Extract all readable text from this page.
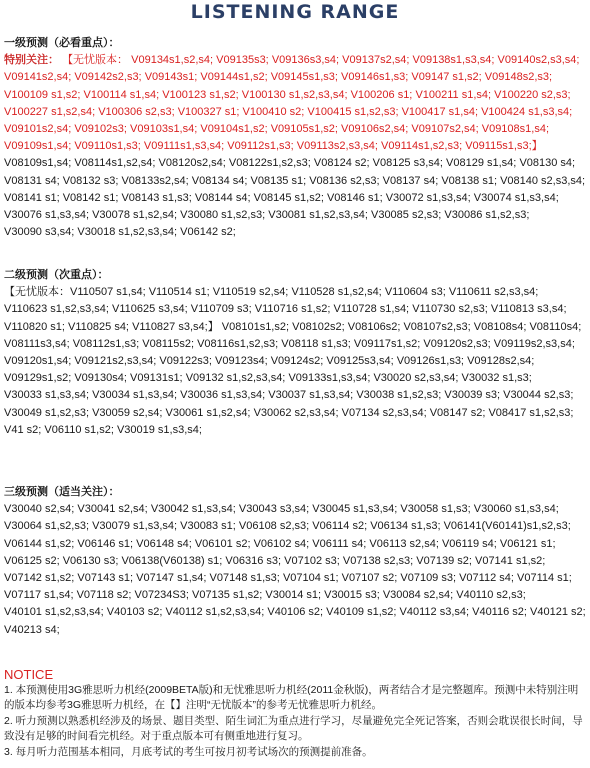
LISTENING RANGE
一级预测（必看重点）：
特别关注： 【无忧版本： V09134s1,s2,s4; V09135s3; V09136s3,s4; V09137s2,s4; V09138s1,s3,s4; V09140s2,s3,s4; V09141s2,s4; V09142s2,s3; V09143s1; V09144s1,s2; V09145s1,s3; V09146s1,s3; V09147 s1,s2; V09148s2,s3; V100109 s1,s2; V100114 s1,s4; V100123 s1,s2; V100130 s1,s2,s3,s4; V100206 s1; V100211 s1,s4; V100220 s2,s3; V100227 s1,s2,s4; V100306 s2,s3; V100327 s1; V100410 s2; V100415 s1,s2,s3; V100417 s1,s4; V100424 s1,s3,s4; V09101s2,s4; V09102s3; V09103s1,s4; V09104s1,s2; V09105s1,s2; V09106s2,s4; V09107s2,s4; V09108s1,s4; V09109s1,s4; V09110s1,s3; V09111s1,s3,s4; V09112s1,s3; V09113s2,s3,s4; V09114s1,s2,s3; V09115s1,s3;】 V08109s1,s4; V08114s1,s2,s4; V08120s2,s4; V08122s1,s2,s3; V08124 s2; V08125 s3,s4; V08129 s1,s4; V08130 s4; V08131 s4; V08132 s3; V08133s2,s4; V08134 s4; V08135 s1; V08136 s2,s3; V08137 s4; V08138 s1; V08140 s2,s3,s4; V08141 s1; V08142 s1; V08143 s1,s3; V08144 s4; V08145 s1,s2; V08146 s1; V30072 s1,s3,s4; V30074 s1,s3,s4; V30076 s1,s3,s4; V30078 s1,s2,s4; V30080 s1,s2,s3; V30081 s1,s2,s3,s4; V30085 s2,s3; V30086 s1,s2,s3; V30090 s3,s4; V30018 s1,s2,s3,s4; V06142 s2;
二级预测（次重点）：
【无忧版本：V110507 s1,s4; V110514 s1; V110519 s2,s4; V110528 s1,s2,s4; V110604 s3; V110611 s2,s3,s4; V110623 s1,s2,s3,s4; V110625 s3,s4; V110709 s3; V110716 s1,s2; V110728 s1,s4; V110730 s2,s3; V110813 s3,s4; V110820 s1; V110825 s4; V110827 s3,s4;】 V08101s1,s2; V08102s2; V08106s2; V08107s2,s3; V08108s4; V08110s4; V08111s3,s4; V08112s1,s3; V08115s2; V08116s1,s2,s3; V08118 s1,s3; V09117s1,s2; V09120s2,s3; V09119s2,s3,s4; V09120s1,s4; V09121s2,s3,s4; V09122s3; V09123s4; V09124s2; V09125s3,s4; V09126s1,s3; V09128s2,s4; V09129s1,s2; V09130s4; V09131s1; V09132 s1,s2,s3,s4; V09133s1,s3,s4; V30020 s2,s3,s4; V30032 s1,s3; V30033 s1,s3,s4; V30034 s1,s3,s4; V30036 s1,s3,s4; V30037 s1,s3,s4; V30038 s1,s2,s3; V30039 s3; V30044 s2,s3; V30049 s1,s2,s3; V30059 s2,s4; V30061 s1,s2,s4; V30062 s2,s3,s4; V07134 s2,s3,s4; V08147 s2; V08417 s1,s2,s3; V41 s2; V06110 s1,s2; V30019 s1,s3,s4;
三级预测（适当关注）：
V30040 s2,s4; V30041 s2,s4; V30042 s1,s3,s4; V30043 s3,s4; V30045 s1,s3,s4; V30058 s1,s3; V30060 s1,s3,s4; V30064 s1,s2,s3; V30079 s1,s3,s4; V30083 s1; V06108 s2,s3; V06114 s2; V06134 s1,s3; V06141(V60141)s1,s2,s3; V06144 s1,s2; V06146 s1; V06148 s4; V06101 s2; V06102 s4; V06111 s4; V06113 s2,s4; V06119 s4; V06121 s1; V06125 s2; V06130 s3; V06138(V60138) s1; V06316 s3; V07102 s3; V07138 s2,s3; V07139 s2; V07141 s1,s2; V07142 s1,s2; V07143 s1; V07147 s1,s4; V07148 s1,s3; V07104 s1; V07107 s2; V07109 s3; V07112 s4; V07114 s1; V07117 s1,s4; V07118 s2; V07234S3; V07135 s1,s2; V30014 s1; V30015 s3; V30084 s2,s4; V40110 s2,s3; V40101 s1,s2,s3,s4; V40103 s2; V40112 s1,s2,s3,s4; V40106 s2; V40109 s1,s2; V40112 s3,s4; V40116 s2; V40121 s2; V40213 s4;
NOTICE
1. 本预测使用3G雅思听力机经(2009BETA版)和无忧雅思听力机经(2011金秋版)，两者结合才是完整题库。预测中未特别注明的版本均参考3G雅思听力机经，在【】注明“无忧版本”的参考无忧雅思听力机经。
2. 听力预测以熟悉机经涉及的场景、题目类型、陌生词汇为重点进行学习，尽量避免完全死记答案，否则会耽误很长时间，导致没有足够的时间看完机经。对于重点版本可有侧重地进行复习。
3. 每月听力范围基本相同，月底考试的考生可按月初考试场次的预测提前准备。
